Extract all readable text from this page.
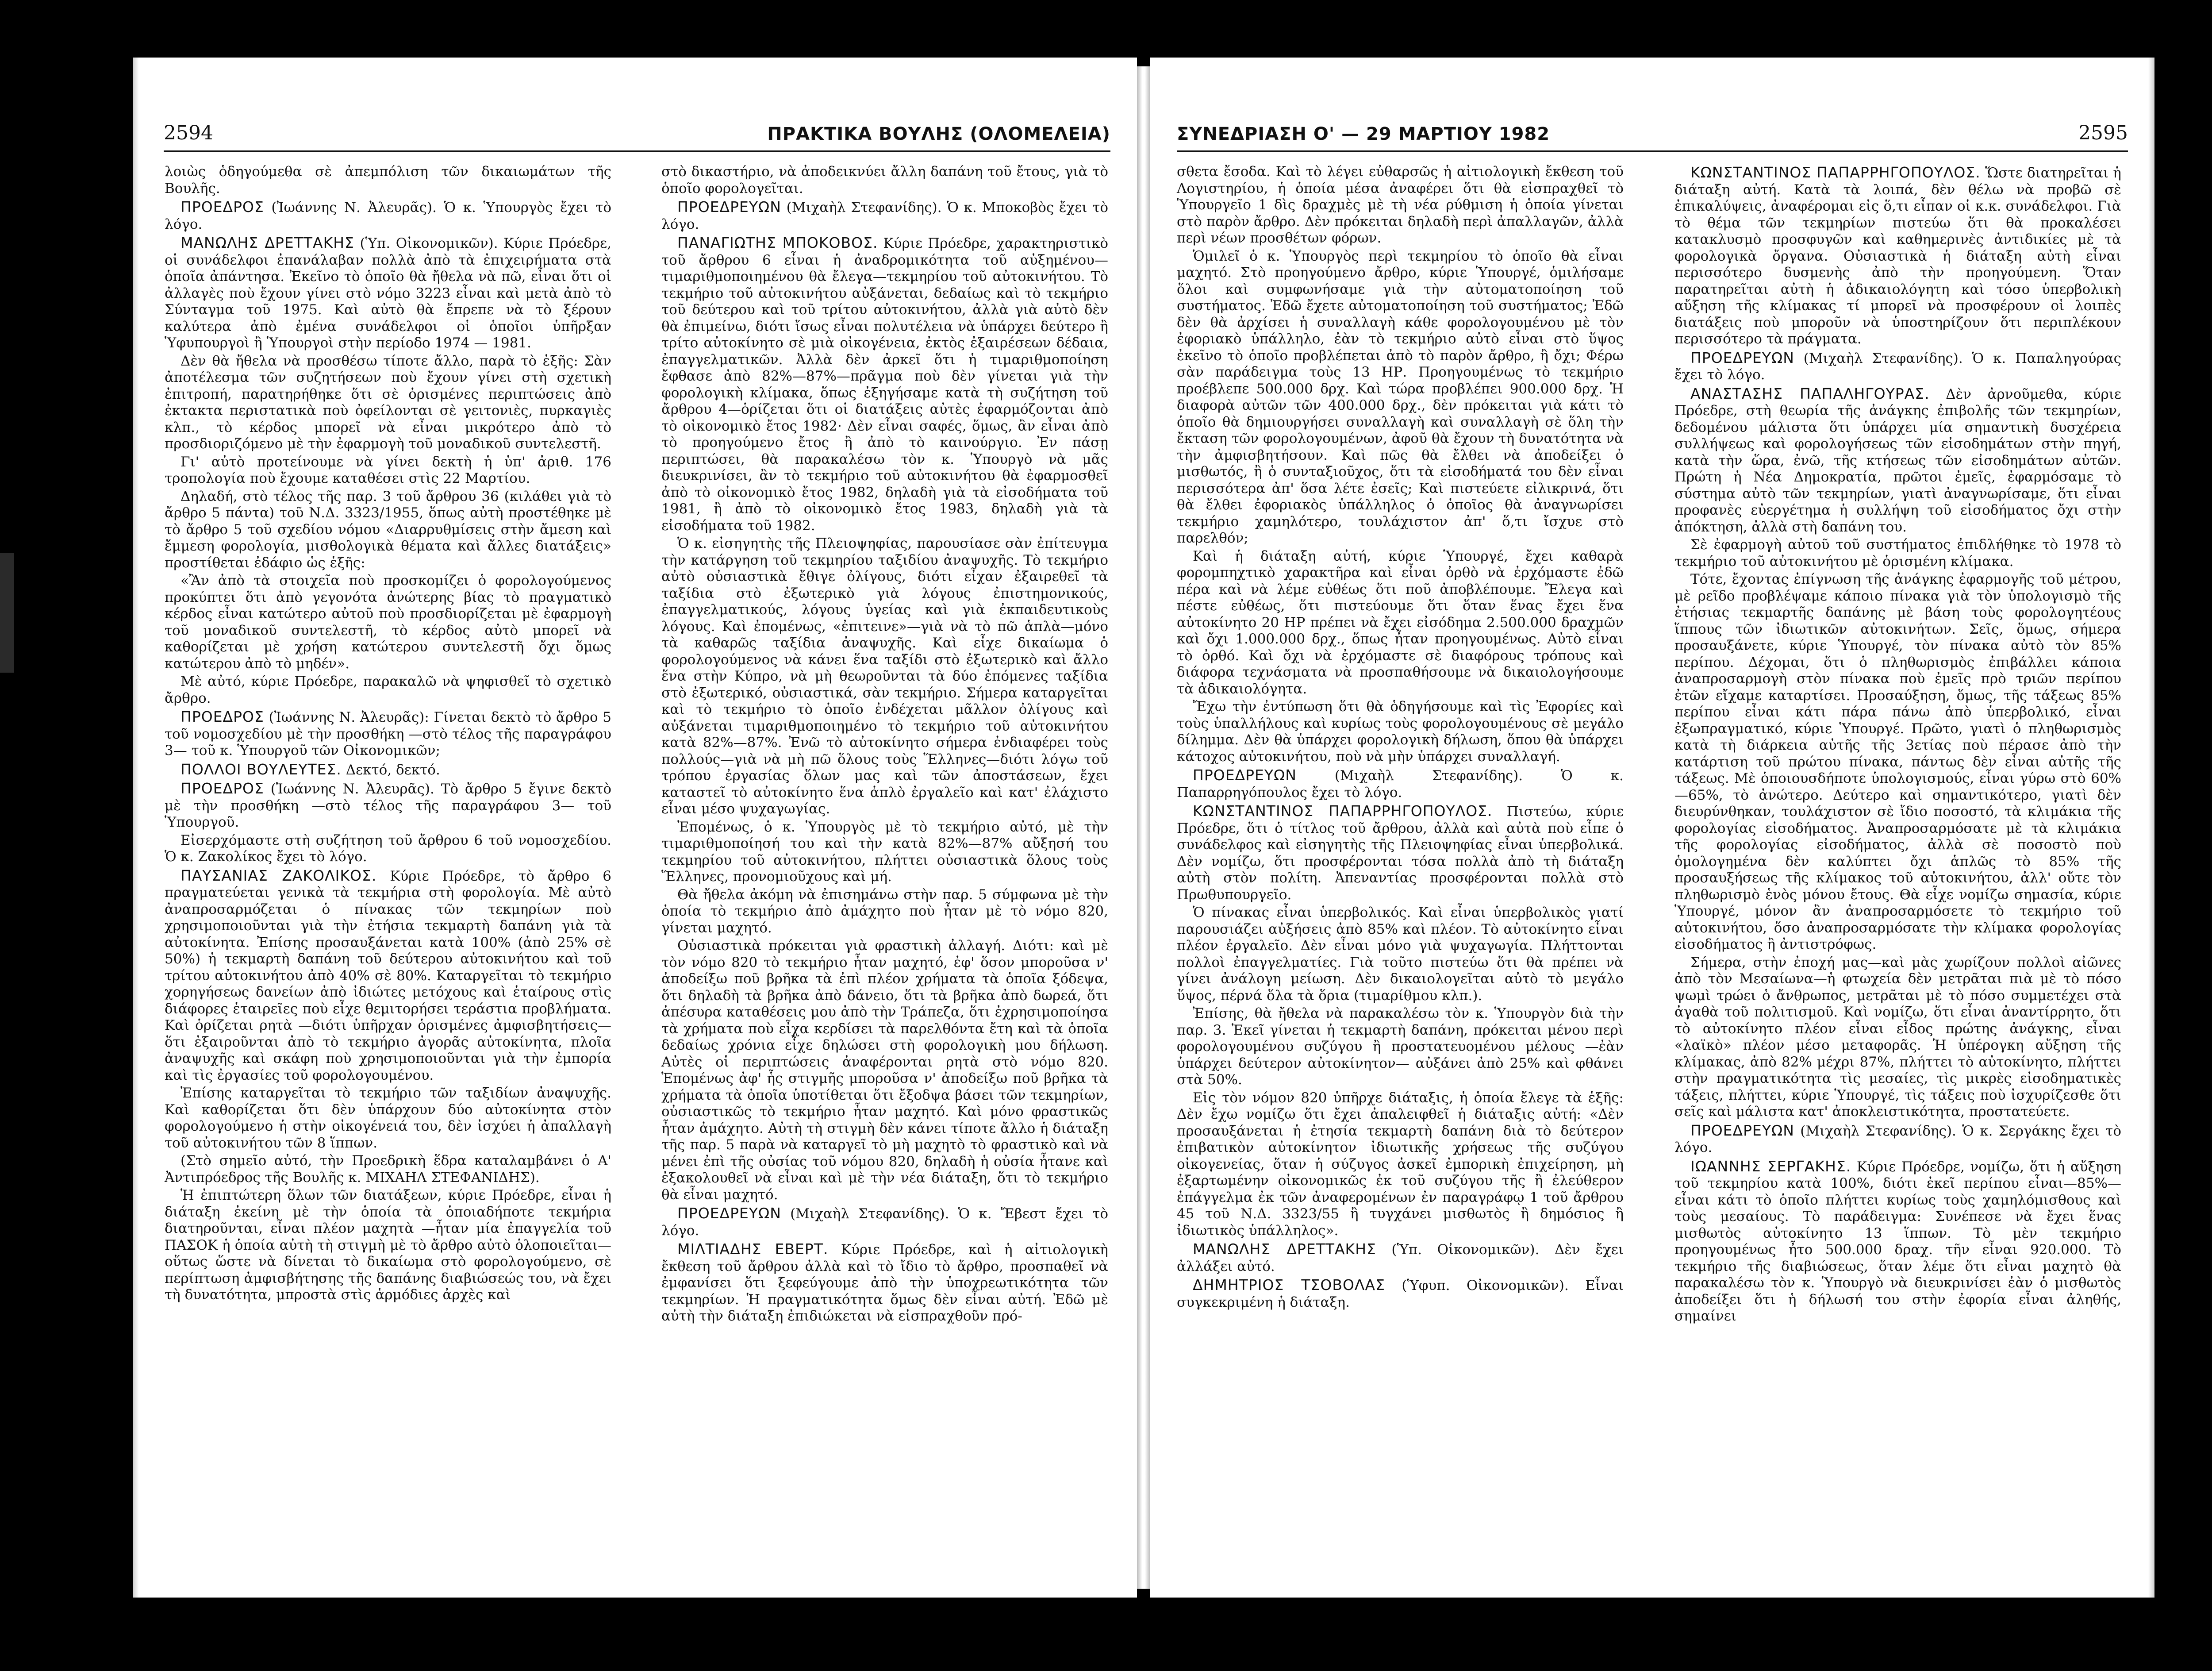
2594	ΠΡΑΚΤΙΚΑ ΒΟΥΛΗΣ (ΟΛΟΜΕΛΕΙΑ)

λοιὼς ὁδηγούμεθα σὲ ἀπεμπόλιση τῶν δικαιωμάτων τῆς Βουλῆς.

ΠΡΟΕΔΡΟΣ (Ἰωάννης Ν. Ἀλευρᾶς). Ὁ κ. Ὑπουργὸς ἔχει τὸ λόγο.

ΜΑΝΩΛΗΣ ΔΡΕΤΤΑΚΗΣ (Ὑπ. Οἰκονομικῶν). Κύριε Πρόεδρε, οἱ συνάδελφοι ἐπανάλαβαν πολλὰ ἀπὸ τὰ ἐπιχειρήματα στὰ ὁποῖα ἀπάντησα. Ἐκεῖνο τὸ ὁποῖο θὰ ἤθελα νὰ πῶ, εἶναι ὅτι οἱ ἀλλαγὲς ποὺ ἔχουν γίνει στὸ νόμο 3223 εἶναι καὶ μετὰ ἀπὸ τὸ Σύνταγμα τοῦ 1975. Καὶ αὐτὸ θὰ ἔπρεπε νὰ τὸ ξέρουν καλύτερα ἀπὸ ἐμένα συνάδελφοι οἱ ὁποῖοι ὑπῆρξαν Ὑφυπουργοὶ ἢ Ὑπουργοὶ στὴν περίοδο 1974 — 1981.

Δὲν θὰ ἤθελα νὰ προσθέσω τίποτε ἄλλο, παρὰ τὸ ἑξῆς: Σὰν ἀποτέλεσμα τῶν συζητήσεων ποὺ ἔχουν γίνει στὴ σχετικὴ ἐπιτροπή, παρατηρήθηκε ὅτι σὲ ὁρισμένες περιπτώσεις ἀπὸ ἐκτακτα περιστατικὰ ποὺ ὀφείλονται σὲ γειτονιὲς, πυρκαγιὲς κλπ., τὸ κέρδος μπορεῖ νὰ εἶναι μικρότερο ἀπὸ τὸ προσδιοριζόμενο μὲ τὴν ἐφαρμογὴ τοῦ μοναδικοῦ συντελεστῆ.

Γι' αὐτὸ προτείνουμε νὰ γίνει δεκτὴ ἡ ὑπ' ἀριθ. 176 τροπολογία ποὺ ἔχουμε καταθέσει στὶς 22 Μαρτίου.

Δηλαδή, στὸ τέλος τῆς παρ. 3 τοῦ ἄρθρου 36 (κιλάθει γιὰ τὸ ἄρθρο 5 πάντα) τοῦ Ν.Δ. 3323/1955, ὅπως αὐτὴ προστέθηκε μὲ τὸ ἄρθρο 5 τοῦ σχεδίου νόμου «Διαρρυθμίσεις στὴν ἄμεση καὶ ἔμμεση φορολογία, μισθολογικὰ θέματα καὶ ἄλλες διατάξεις» προστίθεται ἐδάφιο ὡς ἑξῆς:

«Ἂν ἀπὸ τὰ στοιχεῖα ποὺ προσκομίζει ὁ φορολογούμενος προκύπτει ὅτι ἀπὸ γεγονότα ἀνώτερης βίας τὸ πραγματικὸ κέρδος εἶναι κατώτερο αὐτοῦ ποὺ προσδιορίζεται μὲ ἐφαρμογὴ τοῦ μοναδικοῦ συντελεστῆ, τὸ κέρδος αὐτὸ μπορεῖ νὰ καθορίζεται μὲ χρήση κατώτερου συντελεστῆ ὄχι ὅμως κατώτερου ἀπὸ τὸ μηδέν».

Μὲ αὐτό, κύριε Πρόεδρε, παρακαλῶ νὰ ψηφισθεῖ τὸ σχετικὸ ἄρθρο.

ΠΡΟΕΔΡΟΣ (Ἰωάννης Ν. Ἀλευρᾶς): Γίνεται δεκτὸ τὸ ἄρθρο 5 τοῦ νομοσχεδίου μὲ τὴν προσθήκη —στὸ τέλος τῆς παραγράφου 3— τοῦ κ. Ὑπουργοῦ τῶν Οἰκονομικῶν;

ΠΟΛΛΟΙ ΒΟΥΛΕΥΤΕΣ. Δεκτό, δεκτό.

ΠΡΟΕΔΡΟΣ (Ἰωάννης Ν. Ἀλευρᾶς). Τὸ ἄρθρο 5 ἔγινε δεκτὸ μὲ τὴν προσθήκη —στὸ τέλος τῆς παραγράφου 3— τοῦ Ὑπουργοῦ.

Εἰσερχόμαστε στὴ συζήτηση τοῦ ἄρθρου 6 τοῦ νομοσχεδίου. Ὁ κ. Ζακολίκος ἔχει τὸ λόγο.

ΠΑΥΣΑΝΙΑΣ ΖΑΚΟΛΙΚΟΣ. Κύριε Πρόεδρε, τὸ ἄρθρο 6 πραγματεύεται γενικὰ τὰ τεκμήρια στὴ φορολογία. Μὲ αὐτὸ ἀναπροσαρμόζεται ὁ πίνακας τῶν τεκμηρίων ποὺ χρησιμοποιοῦνται γιὰ τὴν ἐτήσια τεκμαρτὴ δαπάνη γιὰ τὰ αὐτοκίνητα. Ἐπίσης προσαυξάνεται κατὰ 100% (ἀπὸ 25% σὲ 50%) ἡ τεκμαρτὴ δαπάνη τοῦ δεύτερου αὐτοκινήτου καὶ τοῦ τρίτου αὐτοκινήτου ἀπὸ 40% σὲ 80%. Καταργεῖται τὸ τεκμήριο χορηγήσεως δανείων ἀπὸ ἰδιώτες μετόχους καὶ ἑταίρους στὶς διάφορες ἑταιρεῖες ποὺ εἶχε θεμιτορήσει τεράστια προβλήματα. Καὶ ὁρίζεται ρητὰ —διότι ὑπῆρχαν ὁρισμένες ἀμφισβητήσεις— ὅτι ἐξαιροῦνται ἀπὸ τὸ τεκμήριο ἀγορᾶς αὐτοκίνητα, πλοῖα ἀναψυχῆς καὶ σκάφη ποὺ χρησιμοποιοῦνται γιὰ τὴν ἐμπορία καὶ τὶς ἐργασίες τοῦ φορολογουμένου.

Ἐπίσης καταργεῖται τὸ τεκμήριο τῶν ταξιδίων ἀναψυχῆς. Καὶ καθορίζεται ὅτι δὲν ὑπάρχουν δύο αὐτοκίνητα στὸν φορολογούμενο ἡ στὴν οἰκογένειά του, δὲν ἰσχύει ἡ ἀπαλλαγὴ τοῦ αὐτοκινήτου τῶν 8 ἵππων.

(Στὸ σημεῖο αὐτό, τὴν Προεδρικὴ ἕδρα καταλαμβάνει ὁ Α' Ἀντιπρόεδρος τῆς Βουλῆς κ. ΜΙΧΑΗΛ ΣΤΕΦΑΝΙΔΗΣ).

Ἡ ἐπιπτώτερη ὅλων τῶν διατάξεων, κύριε Πρόεδρε, εἶναι ἡ διάταξη ἐκείνη μὲ τὴν ὁποία τὰ ὁποιαδήποτε τεκμήρια διατηροῦνται, εἶναι πλέον μαχητὰ —ἦταν μία ἐπαγγελία τοῦ ΠΑΣΟΚ ἡ ὁποία αὐτὴ τὴ στιγμὴ μὲ τὸ ἄρθρο αὐτὸ ὁλοποιεῖται—οὕτως ὥστε νὰ δίνεται τὸ δικαίωμα στὸ φορολογούμενο, σὲ περίπτωση ἀμφισβήτησης τῆς δαπάνης διαβιώσεώς του, νὰ ἔχει τὴ δυνατότητα, μπροστὰ στὶς ἁρμόδιες ἀρχὲς καὶ

στὸ δικαστήριο, νὰ ἀποδεικνύει ἄλλη δαπάνη τοῦ ἔτους, γιὰ τὸ ὁποῖο φορολογεῖται.

ΠΡΟΕΔΡΕΥΩΝ (Μιχαὴλ Στεφανίδης). Ὁ κ. Μποκοβὸς ἔχει τὸ λόγο.

ΠΑΝΑΓΙΩΤΗΣ ΜΠΟΚΟΒΟΣ. Κύριε Πρόεδρε, χαρακτηριστικὸ τοῦ ἄρθρου 6 εἶναι ἡ ἀναδρομικότητα τοῦ αὐξημένου—τιμαριθμοποιημένου θὰ ἔλεγα—τεκμηρίου τοῦ αὐτοκινήτου. Τὸ τεκμήριο τοῦ αὐτοκινήτου αὐξάνεται, δεδαίως καὶ τὸ τεκμήριο τοῦ δεύτερου καὶ τοῦ τρίτου αὐτοκινήτου, ἀλλὰ γιὰ αὐτὸ δὲν θὰ ἐπιμείνω, διότι ἴσως εἶναι πολυτέλεια νὰ ὑπάρχει δεύτερο ἢ τρίτο αὐτοκίνητο σὲ μιὰ οἰκογένεια, ἐκτὸς ἐξαιρέσεων δέδαια, ἐπαγγελματικῶν. Ἀλλὰ δὲν ἀρκεῖ ὅτι ἡ τιμαριθμοποίηση ἔφθασε ἀπὸ 82%—87%—πρᾶγμα ποὺ δὲν γίνεται γιὰ τὴν φορολογικὴ κλίμακα, ὅπως ἐξηγήσαμε κατὰ τὴ συζήτηση τοῦ ἄρθρου 4—ὁρίζεται ὅτι οἱ διατάξεις αὐτὲς ἐφαρμόζονται ἀπὸ τὸ οἰκονομικὸ ἔτος 1982· Δὲν εἶναι σαφές, ὅμως, ἂν εἶναι ἀπὸ τὸ προηγούμενο ἔτος ἢ ἀπὸ τὸ καινούργιο. Ἐν πάσῃ περιπτώσει, θὰ παρακαλέσω τὸν κ. Ὑπουργὸ νὰ μᾶς διευκρινίσει, ἂν τὸ τεκμήριο τοῦ αὐτοκινήτου θὰ ἐφαρμοσθεῖ ἀπὸ τὸ οἰκονομικὸ ἔτος 1982, δηλαδὴ γιὰ τὰ εἰσοδήματα τοῦ 1981, ἢ ἀπὸ τὸ οἰκονομικὸ ἔτος 1983, δηλαδὴ γιὰ τὰ εἰσοδήματα τοῦ 1982.

Ὁ κ. εἰσηγητὴς τῆς Πλειοψηφίας, παρουσίασε σὰν ἐπίτευγμα τὴν κατάργηση τοῦ τεκμηρίου ταξιδίου ἀναψυχῆς. Τὸ τεκμήριο αὐτὸ οὐσιαστικὰ ἔθιγε ὀλίγους, διότι εἶχαν ἐξαιρεθεῖ τὰ ταξίδια στὸ ἐξωτερικὸ γιὰ λόγους ἐπιστημονικούς, ἐπαγγελματικούς, λόγους ὑγείας καὶ γιὰ ἐκπαιδευτικοὺς λόγους. Καὶ ἐπομένως, «ἐπιτεινε»—γιὰ νὰ τὸ πῶ ἁπλὰ—μόνο τὰ καθαρῶς ταξίδια ἀναψυχῆς. Καὶ εἶχε δικαίωμα ὁ φορολογούμενος νὰ κάνει ἕνα ταξίδι στὸ ἐξωτερικὸ καὶ ἄλλο ἕνα στὴν Κύπρο, νὰ μὴ θεωροῦνται τὰ δύο ἐπόμενες ταξίδια στὸ ἐξωτερικό, οὐσιαστικά, σὰν τεκμήριο. Σήμερα καταργεῖται καὶ τὸ τεκμήριο τὸ ὁποῖο ἐνδέχεται μᾶλλον ὀλίγους καὶ αὐξάνεται τιμαριθμοποιημένο τὸ τεκμήριο τοῦ αὐτοκινήτου κατὰ 82%—87%. Ἐνῶ τὸ αὐτοκίνητο σήμερα ἐνδιαφέρει τοὺς πολλούς—γιὰ νὰ μὴ πῶ ὅλους τοὺς Ἕλληνες—διότι λόγω τοῦ τρόπου ἐργασίας ὅλων μας καὶ τῶν ἀποστάσεων, ἔχει καταστεῖ τὸ αὐτοκίνητο ἕνα ἁπλὸ ἐργαλεῖο καὶ κατ' ἐλάχιστο εἶναι μέσο ψυχαγωγίας.

Ἐπομένως, ὁ κ. Ὑπουργὸς μὲ τὸ τεκμήριο αὐτό, μὲ τὴν τιμαριθμοποίησή του καὶ τὴν κατὰ 82%—87% αὔξησή του τεκμηρίου τοῦ αὐτοκινήτου, πλήττει οὐσιαστικὰ ὅλους τοὺς Ἕλληνες, προνομιοῦχους καὶ μή.

Θὰ ἤθελα ἀκόμη νὰ ἐπισημάνω στὴν παρ. 5 σύμφωνα μὲ τὴν ὁποία τὸ τεκμήριο ἀπὸ ἀμάχητο ποὺ ἦταν μὲ τὸ νόμο 820, γίνεται μαχητό.

Οὐσιαστικὰ πρόκειται γιὰ φραστικὴ ἀλλαγή. Διότι: καὶ μὲ τὸν νόμο 820 τὸ τεκμήριο ἦταν μαχητό, ἐφ' ὅσον μποροῦσα ν' ἀποδείξω ποῦ βρῆκα τὰ ἐπὶ πλέον χρήματα τὰ ὁποῖα ξόδεψα, ὅτι δηλαδὴ τὰ βρῆκα ἀπὸ δάνειο, ὅτι τὰ βρῆκα ἀπὸ δωρεά, ὅτι ἀπέσυρα καταθέσεις μου ἀπὸ τὴν Τράπεζα, ὅτι ἐχρησιμοποίησα τὰ χρήματα ποὺ εἶχα κερδίσει τὰ παρελθόντα ἔτη καὶ τὰ ὁποῖα δεδαίως χρόνια εἶχε δηλώσει στὴ φορολογικὴ μου δήλωση. Αὐτὲς οἱ περιπτώσεις ἀναφέρονται ρητὰ στὸ νόμο 820. Ἑπομένως ἀφ' ἧς στιγμῆς μποροῦσα ν' ἀποδείξω ποῦ βρῆκα τὰ χρήματα τὰ ὁποῖα ὑποτίθεται ὅτι ἔξοδψα βάσει τῶν τεκμηρίων, οὐσιαστικῶς τὸ τεκμήριο ἦταν μαχητό. Καὶ μόνο φραστικῶς ἦταν ἀμάχητο. Αὐτὴ τὴ στιγμὴ δὲν κάνει τίποτε ἄλλο ἡ διάταξη τῆς παρ. 5 παρὰ νὰ καταργεῖ τὸ μὴ μαχητὸ τὸ φραστικὸ καὶ νὰ μένει ἐπὶ τῆς οὐσίας τοῦ νόμου 820, δηλαδὴ ἡ οὐσία ἦτανε καὶ ἐξακολουθεῖ νὰ εἶναι καὶ μὲ τὴν νέα διάταξη, ὅτι τὸ τεκμήριο θὰ εἶναι μαχητό.

ΠΡΟΕΔΡΕΥΩΝ (Μιχαὴλ Στεφανίδης). Ὁ κ. Ἔβεστ ἔχει τὸ λόγο.

ΜΙΛΤΙΑΔΗΣ ΕΒΕΡΤ. Κύριε Πρόεδρε, καὶ ἡ αἰτιολογικὴ ἔκθεση τοῦ ἄρθρου ἀλλὰ καὶ τὸ ἴδιο τὸ ἄρθρο, προσπαθεῖ νὰ ἐμφανίσει ὅτι ξεφεύγουμε ἀπὸ τὴν ὑποχρεωτικότητα τῶν τεκμηρίων. Ἡ πραγματικότητα ὅμως δὲν εἶναι αὐτή. Ἐδῶ μὲ αὐτὴ τὴν διάταξη ἐπιδιώκεται νὰ εἰσπραχθοῦν πρό-

ΣΥΝΕΔΡΙΑΣΗ Ο' — 29 ΜΑΡΤΙΟΥ 1982	2595

σθετα ἔσοδα. Καὶ τὸ λέγει εὐθαρσῶς ἡ αἰτιολογικὴ ἔκθεση τοῦ Λογιστηρίου, ἡ ὁποία μέσα ἀναφέρει ὅτι θὰ εἰσπραχθεῖ τὸ Ὑπουργεῖο 1 δὶς δραχμὲς μὲ τὴ νέα ρύθμιση ἡ ὁποία γίνεται στὸ παρὸν ἄρθρο. Δὲν πρόκειται δηλαδὴ περὶ ἀπαλλαγῶν, ἀλλὰ περὶ νέων προσθέτων φόρων.

Ὁμιλεῖ ὁ κ. Ὑπουργὸς περὶ τεκμηρίου τὸ ὁποῖο θὰ εἶναι μαχητό. Στὸ προηγούμενο ἄρθρο, κύριε Ὑπουργέ, ὁμιλήσαμε ὅλοι καὶ συμφωνήσαμε γιὰ τὴν αὐτοματοποίηση τοῦ συστήματος. Ἐδῶ ἔχετε αὐτοματοποίηση τοῦ συστήματος; Ἐδῶ δὲν θὰ ἀρχίσει ἡ συναλλαγὴ κάθε φορολογουμένου μὲ τὸν ἐφοριακὸ ὑπάλληλο, ἐὰν τὸ τεκμήριο αὐτὸ εἶναι στὸ ὕψος ἐκεῖνο τὸ ὁποῖο προβλέπεται ἀπὸ τὸ παρὸν ἄρθρο, ἢ ὄχι; Φέρω σὰν παράδειγμα τοὺς 13 ΗΡ. Προηγουμένως τὸ τεκμήριο προέβλεπε 500.000 δρχ. Καὶ τώρα προβλέπει 900.000 δρχ. Ἡ διαφορὰ αὐτῶν τῶν 400.000 δρχ., δὲν πρόκειται γιὰ κάτι τὸ ὁποῖο θὰ δημιουργήσει συναλλαγὴ καὶ συναλλαγὴ σὲ ὅλη τὴν ἔκταση τῶν φορολογουμένων, ἀφοῦ θὰ ἔχουν τὴ δυνατότητα νὰ τὴν ἀμφισβητήσουν. Καὶ πῶς θὰ ἔλθει νὰ ἀποδείξει ὁ μισθωτός, ἢ ὁ συνταξιοῦχος, ὅτι τὰ εἰσοδήματά του δὲν εἶναι περισσότερα ἀπ' ὅσα λέτε ἐσεῖς; Καὶ πιστεύετε εἰλικρινά, ὅτι θὰ ἔλθει ἐφοριακὸς ὑπάλληλος ὁ ὁποῖος θὰ ἀναγνωρίσει τεκμήριο χαμηλότερο, τουλάχιστον ἀπ' ὅ,τι ἴσχυε στὸ παρελθόν;

Καὶ ἡ διάταξη αὐτή, κύριε Ὑπουργέ, ἔχει καθαρὰ φορομπηχτικὸ χαρακτῆρα καὶ εἶναι ὀρθὸ νὰ ἐρχόμαστε ἐδῶ πέρα καὶ νὰ λέμε εὐθέως ὅτι ποῦ ἀποβλέπουμε. Ἔλεγα καὶ πέστε εὐθέως, ὅτι πιστεύουμε ὅτι ὅταν ἕνας ἔχει ἕνα αὐτοκίνητο 20 ΗΡ πρέπει νὰ ἔχει εἰσόδημα 2.500.000 δραχμῶν καὶ ὄχι 1.000.000 δρχ., ὅπως ἦταν προηγουμένως. Αὐτὸ εἶναι τὸ ὀρθό. Καὶ ὄχι νὰ ἐρχόμαστε σὲ διαφόρους τρόπους καὶ διάφορα τεχνάσματα νὰ προσπαθήσουμε νὰ δικαιολογήσουμε τὰ ἀδικαιολόγητα.

Ἔχω τὴν ἐντύπωση ὅτι θὰ ὁδηγήσουμε καὶ τὶς Ἐφορίες καὶ τοὺς ὑπαλλήλους καὶ κυρίως τοὺς φορολογουμένους σὲ μεγάλο δίλημμα. Δὲν θὰ ὑπάρχει φορολογικὴ δήλωση, ὅπου θὰ ὑπάρχει κάτοχος αὐτοκινήτου, ποὺ νὰ μὴν ὑπάρχει συναλλαγή.

ΠΡΟΕΔΡΕΥΩΝ	(Μιχαὴλ Στεφανίδης).	Ὁ κ. Παπαρρηγόπουλος ἔχει τὸ λόγο.

ΚΩΝΣΤΑΝΤΙΝΟΣ ΠΑΠΑΡΡΗΓΟΠΟΥΛΟΣ. Πιστεύω, κύριε Πρόεδρε, ὅτι ὁ τίτλος τοῦ ἄρθρου, ἀλλὰ καὶ αὐτὰ ποὺ εἶπε ὁ συνάδελφος καὶ εἰσηγητὴς τῆς Πλειοψηφίας εἶναι ὑπερβολικά. Δὲν νομίζω, ὅτι προσφέρονται τόσα πολλὰ ἀπὸ τὴ διάταξη αὐτὴ στὸν πολίτη. Ἀπεναντίας προσφέρονται πολλὰ στὸ Πρωθυπουργεῖο.

Ὁ πίνακας εἶναι ὑπερβολικός. Καὶ εἶναι ὑπερβολικὸς γιατί παρουσιάζει αὐξήσεις ἀπὸ 85% καὶ πλέον. Τὸ αὐτοκίνητο εἶναι πλέον ἐργαλεῖο. Δὲν εἶναι μόνο γιὰ ψυχαγωγία. Πλήττονται πολλοὶ ἐπαγγελματίες. Γιὰ τοῦτο πιστεύω ὅτι θὰ πρέπει νὰ γίνει ἀνάλογη μείωση. Δὲν δικαιολογεῖται αὐτὸ τὸ μεγάλο ὕψος, πέρνά ὅλα τὰ ὅρια (τιμαρίθμου κλπ.).

Ἐπίσης, θὰ ἤθελα νὰ παρακαλέσω τὸν κ. Ὑπουργὸν διὰ τὴν παρ. 3. Ἐκεῖ γίνεται ἡ τεκμαρτὴ δαπάνη, πρόκειται μένου περὶ φορολογουμένου συζύγου ἢ προστατευομένου μέλους —ἐὰν ὑπάρχει δεύτερον αὐτοκίνητον— αὐξάνει ἀπὸ 25% καὶ φθάνει στὰ 50%.

Εἰς τὸν νόμον 820 ὑπῆρχε διάταξις, ἡ ὁποία ἔλεγε τὰ ἑξῆς: Δὲν ἔχω νομίζω ὅτι ἔχει ἀπαλειφθεῖ ἡ διάταξις αὐτή: «Δὲν προσαυξάνεται ἡ ἐτησία τεκμαρτὴ δαπάνη διὰ τὸ δεύτερον ἐπιβατικὸν αὐτοκίνητον ἰδιωτικῆς χρήσεως τῆς συζύγου οἰκογενείας, ὅταν ἡ σύζυγος ἀσκεῖ ἐμπορικὴ ἐπιχείρηση, μὴ ἐξαρτωμένην οἰκονομικῶς ἐκ τοῦ συζύγου τῆς ἢ ἐλεύθερον ἐπάγγελμα ἐκ τῶν ἀναφερομένων ἐν παραγράφῳ 1 τοῦ ἄρθρου 45 τοῦ Ν.Δ. 3323/55 ἢ τυγχάνει μισθωτὸς ἢ δημόσιος ἢ ἰδιωτικὸς ὑπάλληλος».

ΜΑΝΩΛΗΣ ΔΡΕΤΤΑΚΗΣ (Ὑπ. Οἰκονομικῶν). Δὲν ἔχει ἀλλάξει αὐτό.

ΔΗΜΗΤΡΙΟΣ ΤΣΟΒΟΛΑΣ (Ὑφυπ. Οἰκονομικῶν). Εἶναι συγκεκριμένη ἡ διάταξη.

ΚΩΝΣΤΑΝΤΙΝΟΣ ΠΑΠΑΡΡΗΓΟΠΟΥΛΟΣ. Ὥστε διατηρεῖται ἡ διάταξη αὐτή. Κατὰ τὰ λοιπά, δὲν θέλω νὰ προβῶ σὲ ἐπικαλύψεις, ἀναφέρομαι εἰς ὅ,τι εἶπαν οἱ κ.κ. συνάδελφοι. Γιὰ τὸ θέμα τῶν τεκμηρίων πιστεύω ὅτι θὰ προκαλέσει κατακλυσμὸ προσφυγῶν καὶ καθημερινὲς ἀντιδικίες μὲ τὰ φορολογικὰ ὄργανα. Οὐσιαστικὰ ἡ διάταξη αὐτὴ εἶναι περισσότερο δυσμενὴς ἀπὸ τὴν προηγούμενη. Ὅταν παρατηρεῖται αὐτὴ ἡ ἀδικαιολόγητη καὶ τόσο ὑπερβολικὴ αὔξηση τῆς κλίμακας τί μπορεῖ νὰ προσφέρουν οἱ λοιπὲς διατάξεις ποὺ μποροῦν νὰ ὑποστηρίζουν ὅτι περιπλέκουν περισσότερο τὰ πράγματα.

ΠΡΟΕΔΡΕΥΩΝ (Μιχαὴλ Στεφανίδης). Ὁ κ. Παπαληγούρας ἔχει τὸ λόγο.

ΑΝΑΣΤΑΣΗΣ ΠΑΠΑΛΗΓΟΥΡΑΣ. Δὲν ἀρνοῦμεθα, κύριε Πρόεδρε, στὴ θεωρία τῆς ἀνάγκης ἐπιβολῆς τῶν τεκμηρίων, δεδομένου μάλιστα ὅτι ὑπάρχει μία σημαντικὴ δυσχέρεια συλλήψεως καὶ φορολογήσεως τῶν εἰσοδημάτων στὴν πηγή, κατὰ τὴν ὥρα, ἐνῶ, τῆς κτήσεως τῶν εἰσοδημάτων αὐτῶν. Πρώτη ἡ Νέα Δημοκρατία, πρῶτοι ἐμεῖς, ἐφαρμόσαμε τὸ σύστημα αὐτὸ τῶν τεκμηρίων, γιατὶ ἀναγνωρίσαμε, ὅτι εἶναι προφανὲς εὐεργέτημα ἡ συλλήψη τοῦ εἰσοδήματος ὄχι στὴν ἀπόκτηση, ἀλλὰ στὴ δαπάνη του.

Σὲ ἐφαρμογὴ αὐτοῦ τοῦ συστήματος ἐπιδλήθηκε τὸ 1978 τὸ τεκμήριο τοῦ αὐτοκινήτου μὲ ὁρισμένη κλίμακα.

Τότε, ἔχοντας ἐπίγνωση τῆς ἀνάγκης ἐφαρμογῆς τοῦ μέτρου, μὲ ρεῖδο προβλέψαμε κάποιο πίνακα γιὰ τὸν ὑπολογισμὸ τῆς ἐτήσιας τεκμαρτῆς δαπάνης μὲ βάση τοὺς φορολογητέους ἵππους τῶν ἰδιωτικῶν αὐτοκινήτων. Σεῖς, ὅμως, σήμερα προσαυξάνετε, κύριε Ὑπουργέ, τὸν πίνακα αὐτὸ τὸν 85% περίπου. Δέχομαι, ὅτι ὁ πληθωρισμὸς ἐπιβάλλει κάποια ἀναπροσαρμογὴ στὸν πίνακα ποὺ ἐμεῖς πρὸ τριῶν περίπου ἐτῶν εἴχαμε καταρτίσει. Προσαύξηση, ὅμως, τῆς τάξεως 85% περίπου εἶναι κάτι πάρα πάνω ἀπὸ ὑπερβολικό, εἶναι ἐξωπραγματικό, κύριε Ὑπουργέ. Πρῶτο, γιατὶ ὁ πληθωρισμὸς κατὰ τὴ διάρκεια αὐτῆς τῆς 3ετίας ποὺ πέρασε ἀπὸ τὴν κατάρτιση τοῦ πρώτου πίνακα, πάντως δὲν εἶναι αὐτῆς τῆς τάξεως. Μὲ ὁποιουσδήποτε ὑπολογισμούς, εἶναι γύρω στὸ 60%—65%, τὸ ἀνώτερο. Δεύτερο καὶ σημαντικότερο, γιατὶ δὲν διευρύνθηκαν, τουλάχιστον σὲ ἴδιο ποσοστό, τὰ κλιμάκια τῆς φορολογίας εἰσοδήματος. Ἀναπροσαρμόσατε μὲ τὰ κλιμάκια τῆς φορολογίας εἰσοδήματος, ἀλλὰ σὲ ποσοστὸ ποὺ ὁμολογημένα δὲν καλύπτει ὄχι ἁπλῶς τὸ 85% τῆς προσαυξήσεως τῆς κλίμακος τοῦ αὐτοκινήτου, ἀλλ' οὔτε τὸν πληθωρισμὸ ἑνὸς μόνου ἔτους. Θὰ εἶχε νομίζω σημασία, κύριε Ὑπουργέ, μόνον ἂν ἀναπροσαρμόσετε τὸ τεκμήριο τοῦ αὐτοκινήτου, ὅσο ἀναπροσαρμόσατε τὴν κλίμακα φορολογίας εἰσοδήματος ἢ ἀντιστρόφως.

Σήμερα, στὴν ἐποχή μας—καὶ μὰς χωρίζουν πολλοὶ αἰῶνες ἀπὸ τὸν Μεσαίωνα—ἡ φτωχεία δὲν μετρᾶται πιὰ μὲ τὸ πόσο ψωμὶ τρώει ὁ ἄνθρωπος, μετρᾶται μὲ τὸ πόσο συμμετέχει στὰ ἀγαθὰ τοῦ πολιτισμοῦ. Καὶ νομίζω, ὅτι εἶναι ἀναντίρρητο, ὅτι τὸ αὐτοκίνητο πλέον εἶναι εἶδος πρώτης ἀνάγκης, εἶναι «λαϊκὸ» πλέον μέσο μεταφορᾶς. Ἡ ὑπέρογκη αὔξηση τῆς κλίμακας, ἀπὸ 82% μέχρι 87%, πλήττει τὸ αὐτοκίνητο, πλήττει στὴν πραγματικότητα τὶς μεσαίες, τὶς μικρὲς εἰσοδηματικὲς τάξεις, πλήττει, κύριε Ὑπουργέ, τὶς τάξεις ποὺ ἰσχυρίζεσθε ὅτι σεῖς καὶ μάλιστα κατ' ἀποκλειστικότητα, προστατεύετε.

ΠΡΟΕΔΡΕΥΩΝ (Μιχαὴλ Στεφανίδης). Ὁ κ. Σεργάκης ἔχει τὸ λόγο.

ΙΩΑΝΝΗΣ ΣΕΡΓΑΚΗΣ. Κύριε Πρόεδρε, νομίζω, ὅτι ἡ αὔξηση τοῦ τεκμηρίου κατὰ 100%, διότι ἐκεῖ περίπου εἶναι—85%—εἶναι κάτι τὸ ὁποῖο πλήττει κυρίως τοὺς χαμηλόμισθους καὶ τοὺς μεσαίους. Τὸ παράδειγμα: Συνέπεσε νὰ ἔχει ἕνας μισθωτὸς αὐτοκίνητο 13 ἵππων. Τὸ μὲν τεκμήριο προηγουμένως ἦτο 500.000 δραχ. τῆν εἶναι 920.000. Τὸ τεκμήριο τῆς διαβιώσεως, ὅταν λέμε ὅτι εἶναι μαχητὸ θὰ παρακαλέσω τὸν κ. Ὑπουργὸ νὰ διευκρινίσει ἐὰν ὁ μισθωτὸς ἀποδείξει ὅτι ἡ δήλωσή του στὴν ἐφορία εἶναι ἀληθής, σημαίνει
